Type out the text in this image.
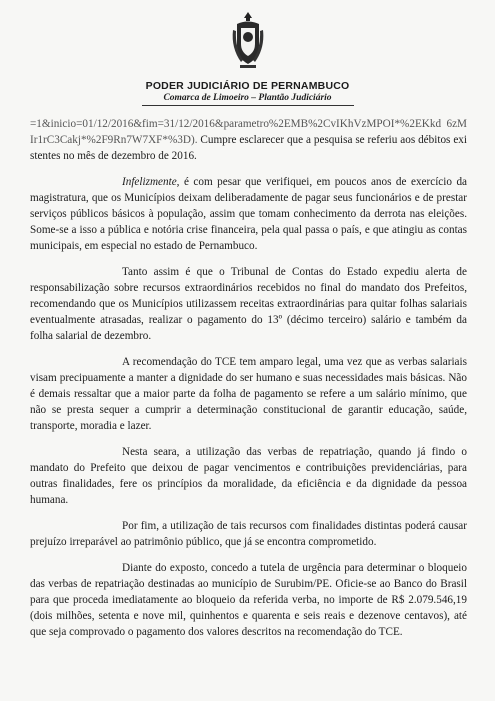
PODER JUDICIÁRIO DE PERNAMBUCO
Comarca de Limoeiro – Plantão Judiciário

=1&inicio=01/12/2016&fim=31/12/2016&parametro%2EMB%2CvIKhVzMPOI*%2EKkd 6zMIr1rC3Cakj*%2F9Rn7W7XF*%3D). Cumpre esclarecer que a pesquisa se referiu aos débitos existentes no mês de dezembro de 2016.

Infelizmente, é com pesar que verifiquei, em poucos anos de exercício da magistratura, que os Municípios deixam deliberadamente de pagar seus funcionários e de prestar serviços públicos básicos à população, assim que tomam conhecimento da derrota nas eleições. Some-se a isso a pública e notória crise financeira, pela qual passa o país, e que atingiu as contas municipais, em especial no estado de Pernambuco.

Tanto assim é que o Tribunal de Contas do Estado expediu alerta de responsabilização sobre recursos extraordinários recebidos no final do mandato dos Prefeitos, recomendando que os Municípios utilizassem receitas extraordinárias para quitar folhas salariais eventualmente atrasadas, realizar o pagamento do 13º (décimo terceiro) salário e também da folha salarial de dezembro.

A recomendação do TCE tem amparo legal, uma vez que as verbas salariais visam precipuamente a manter a dignidade do ser humano e suas necessidades mais básicas. Não é demais ressaltar que a maior parte da folha de pagamento se refere a um salário mínimo, que não se presta sequer a cumprir a determinação constitucional de garantir educação, saúde, transporte, moradia e lazer.

Nesta seara, a utilização das verbas de repatriação, quando já findo o mandato do Prefeito que deixou de pagar vencimentos e contribuições previdenciárias, para outras finalidades, fere os princípios da moralidade, da eficiência e da dignidade da pessoa humana.

Por fim, a utilização de tais recursos com finalidades distintas poderá causar prejuízo irreparável ao patrimônio público, que já se encontra comprometido.

Diante do exposto, concedo a tutela de urgência para determinar o bloqueio das verbas de repatriação destinadas ao município de Surubim/PE. Oficie-se ao Banco do Brasil para que proceda imediatamente ao bloqueio da referida verba, no importe de R$ 2.079.546,19 (dois milhões, setenta e nove mil, quinhentos e quarenta e seis reais e dezenove centavos), até que seja comprovado o pagamento dos valores descritos na recomendação do TCE.
